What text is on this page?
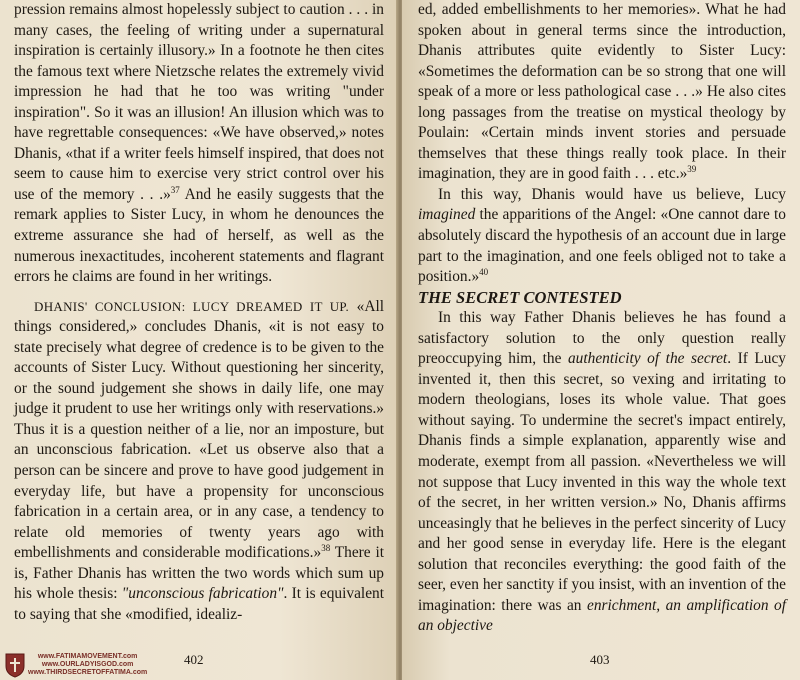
pression remains almost hopelessly subject to caution . . . in many cases, the feeling of writing under a supernatural inspiration is certainly illusory.» In a footnote he then cites the famous text where Nietzsche relates the extremely vivid impression he had that he too was writing "under inspiration". So it was an illusion! An illusion which was to have regrettable consequences: «We have observed,» notes Dhanis, «that if a writer feels himself inspired, that does not seem to cause him to exercise very strict control over his use of the memory . . .»$^{37}$ And he easily suggests that the remark applies to Sister Lucy, in whom he denounces the extreme assurance she had of herself, as well as the numerous inexactitudes, incoherent statements and flagrant errors he claims are found in her writings.

DHANIS' CONCLUSION: LUCY DREAMED IT UP. «All things considered,» concludes Dhanis, «it is not easy to state precisely what degree of credence is to be given to the accounts of Sister Lucy. Without questioning her sincerity, or the sound judgement she shows in daily life, one may judge it prudent to use her writings only with reservations.» Thus it is a question neither of a lie, nor an imposture, but an unconscious fabrication. «Let us observe also that a person can be sincere and prove to have good judgement in everyday life, but have a propensity for unconscious fabrication in a certain area, or in any case, a tendency to relate old memories of twenty years ago with embellishments and considerable modifications.»$^{38}$ There it is, Father Dhanis has written the two words which sum up his whole thesis: "unconscious fabrication". It is equivalent to saying that she «modified, idealiz-

www.FATIMAMOVEMENT.com
www.OURLADYISGOD.com
www.THIRDSECRETOFFATIMA.com
402

ed, added embellishments to her memories». What he had spoken about in general terms since the introduction, Dhanis attributes quite evidently to Sister Lucy: «Sometimes the deformation can be so strong that one will speak of a more or less pathological case . . .» He also cites long passages from the treatise on mystical theology by Poulain: «Certain minds invent stories and persuade themselves that these things really took place. In their imagination, they are in good faith . . . etc.»$^{39}$

In this way, Dhanis would have us believe, Lucy imagined the apparitions of the Angel: «One cannot dare to absolutely discard the hypothesis of an account due in large part to the imagination, and one feels obliged not to take a position.»$^{40}$

THE SECRET CONTESTED

In this way Father Dhanis believes he has found a satisfactory solution to the only question really preoccupying him, the authenticity of the secret. If Lucy invented it, then this secret, so vexing and irritating to modern theologians, loses its whole value. That goes without saying. To undermine the secret's impact entirely, Dhanis finds a simple explanation, apparently wise and moderate, exempt from all passion. «Nevertheless we will not suppose that Lucy invented in this way the whole text of the secret, in her written version.» No, Dhanis affirms unceasingly that he believes in the perfect sincerity of Lucy and her good sense in everyday life. Here is the elegant solution that reconciles everything: the good faith of the seer, even her sanctity if you insist, with an invention of the imagination: there was an enrichment, an amplification of an objective

403
